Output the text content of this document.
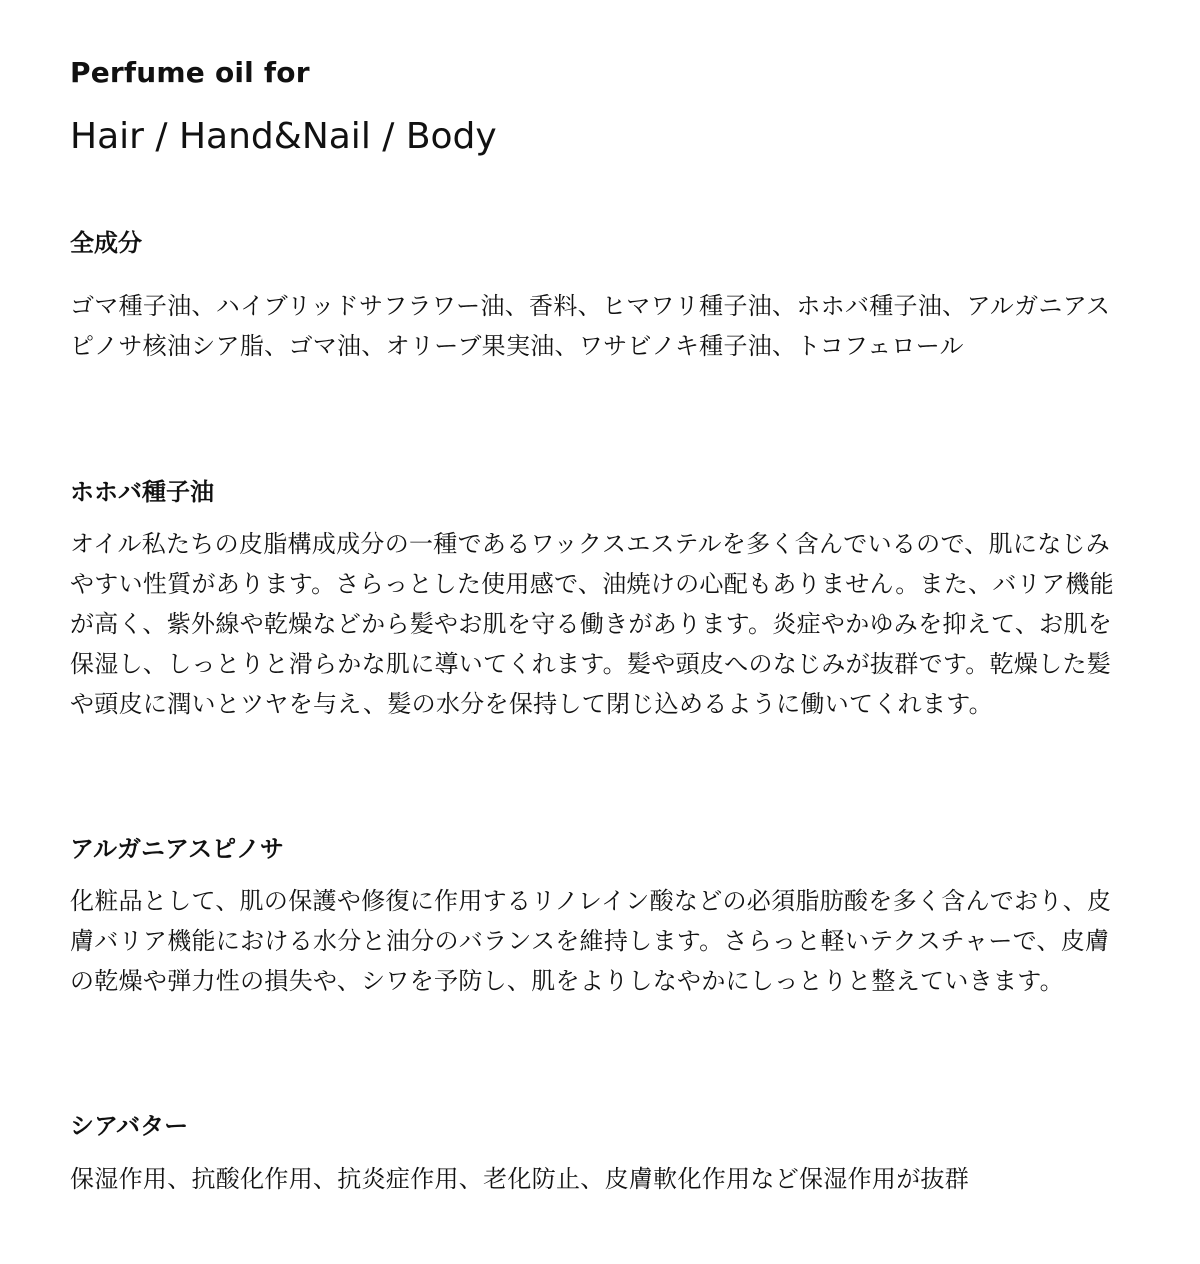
Perfume oil for
Hair / Hand&Nail / Body
全成分
ゴマ種子油、ハイブリッドサフラワー油、香料、ヒマワリ種子油、ホホバ種子油、アルガニアスピノサ核油シア脂、ゴマ油、オリーブ果実油、ワサビノキ種子油、トコフェロール
ホホバ種子油
オイル私たちの皮脂構成成分の一種であるワックスエステルを多く含んでいるので、肌になじみやすい性質があります。さらっとした使用感で、油焼けの心配もありません。また、バリア機能が高く、紫外線や乾燥などから髪やお肌を守る働きがあります。炎症やかゆみを抑えて、お肌を保湿し、しっとりと滑らかな肌に導いてくれます。髪や頭皮へのなじみが抜群です。乾燥した髪や頭皮に潤いとツヤを与え、髪の水分を保持して閉じ込めるように働いてくれます。
アルガニアスピノサ
化粧品として、肌の保護や修復に作用するリノレイン酸などの必須脂肪酸を多く含んでおり、皮膚バリア機能における水分と油分のバランスを維持します。さらっと軽いテクスチャーで、皮膚の乾燥や弾力性の損失や、シワを予防し、肌をよりしなやかにしっとりと整えていきます。
シアバター
保湿作用、抗酸化作用、抗炎症作用、老化防止、皮膚軟化作用など保湿作用が抜群
